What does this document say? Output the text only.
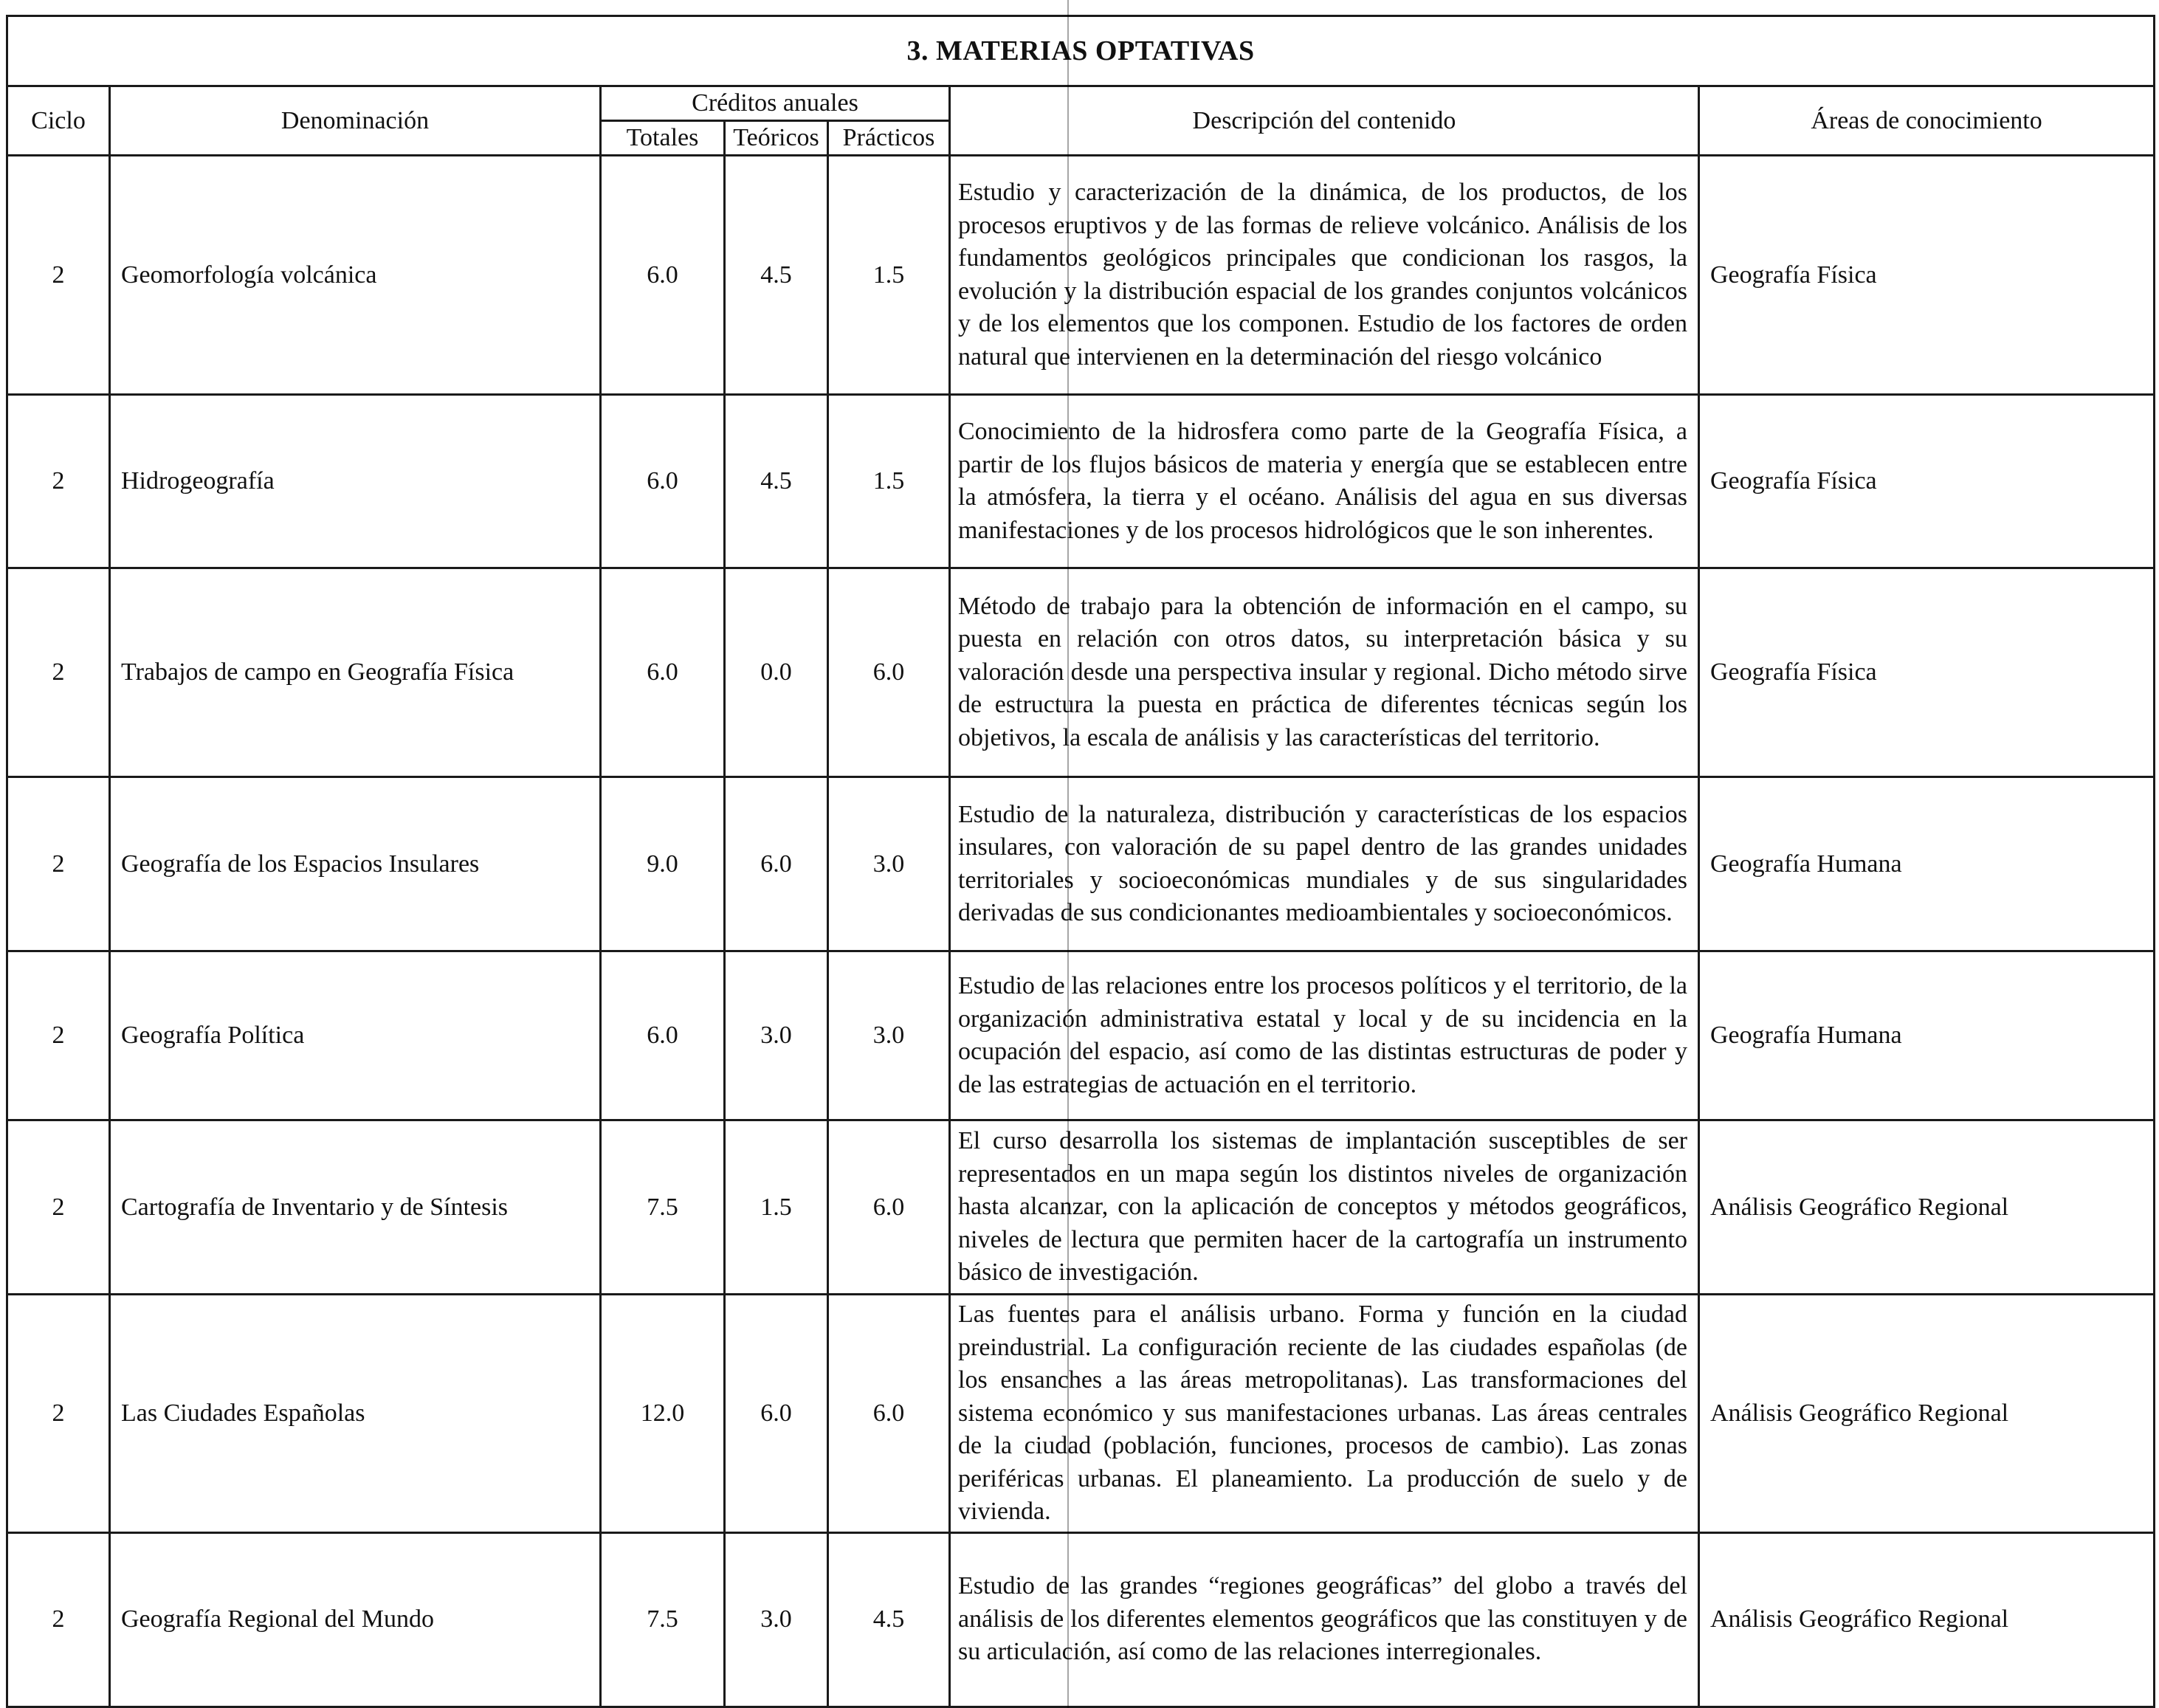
3. MATERIAS OPTATIVAS						
Ciclo	Denominación	Créditos anuales			Descripción del contenido	Áreas de conocimiento
		Totales	Teóricos	Prácticos		
2	Geomorfología volcánica	6.0	4.5	1.5	Estudio y caracterización de la dinámica, de los productos, de los procesos eruptivos y de las formas de relieve volcánico. Análisis de los fundamentos geológicos principales que condicionan los rasgos, la evolución y la distribución espacial de los grandes conjuntos volcánicos y de los elementos que los componen. Estudio de los factores de orden natural que intervienen en la determinación del riesgo volcánico	Geografía Física
2	Hidrogeografía	6.0	4.5	1.5	Conocimiento de la hidrosfera como parte de la Geografía Física, a partir de los flujos básicos de materia y energía que se establecen entre la atmósfera, la tierra y el océano. Análisis del agua en sus diversas manifestaciones y de los procesos hidrológicos que le son inherentes.	Geografía Física
2	Trabajos de campo en Geografía Física	6.0	0.0	6.0	Método de trabajo para la obtención de información en el campo, su puesta en relación con otros datos, su interpretación básica y su valoración desde una perspectiva insular y regional. Dicho método sirve de estructura la puesta en práctica de diferentes técnicas según los objetivos, la escala de análisis y las características del territorio.	Geografía Física
2	Geografía de los Espacios Insulares	9.0	6.0	3.0	Estudio de la naturaleza, distribución y características de los espacios insulares, con valoración de su papel dentro de las grandes unidades territoriales y socioeconómicas mundiales y de sus singularidades derivadas de sus condicionantes medioambientales y socioeconómicos.	Geografía Humana
2	Geografía Política	6.0	3.0	3.0	Estudio de las relaciones entre los procesos políticos y el territorio, de la organización administrativa estatal y local y de su incidencia en la ocupación del espacio, así como de las distintas estructuras de poder y de las estrategias de actuación en el territorio.	Geografía Humana
2	Cartografía de Inventario y de Síntesis	7.5	1.5	6.0	El curso desarrolla los sistemas de implantación susceptibles de ser representados en un mapa según los distintos niveles de organización hasta alcanzar, con la aplicación de conceptos y métodos geográficos, niveles de lectura que permiten hacer de la cartografía un instrumento básico de investigación.	Análisis Geográfico Regional
2	Las Ciudades Españolas	12.0	6.0	6.0	Las fuentes para el análisis urbano. Forma y función en la ciudad preindustrial. La configuración reciente de las ciudades españolas (de los ensanches a las áreas metropolitanas). Las transformaciones del sistema económico y sus manifestaciones urbanas. Las áreas centrales de la ciudad (población, funciones, procesos de cambio). Las zonas periféricas urbanas. El planeamiento. La producción de suelo y de vivienda.	Análisis Geográfico Regional
2	Geografía Regional del Mundo	7.5	3.0	4.5	Estudio de las grandes “regiones geográficas” del globo a través del análisis de los diferentes elementos geográficos que las constituyen y de su articulación, así como de las relaciones interregionales.	Análisis Geográfico Regional
